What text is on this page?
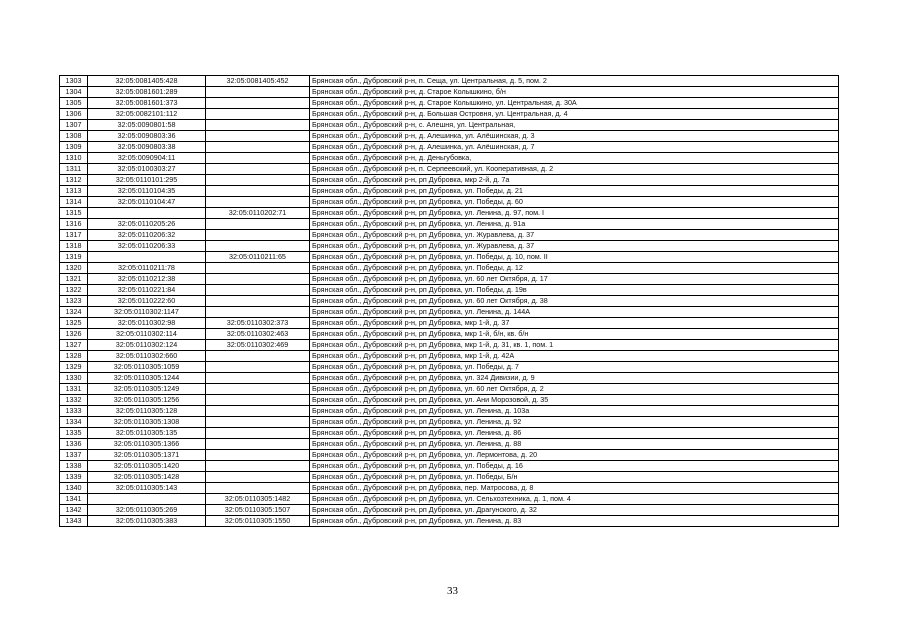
1303	32:05:0081405:428	32:05:0081405:452	Брянская обл., Дубровский р-н, п. Сеща, ул. Центральная, д. 5, пом. 2
1304	32:05:0081601:289		Брянская обл., Дубровский р-н, д. Старое Колышкино, б/н
1305	32:05:0081601:373		Брянская обл., Дубровский р-н, д. Старое Колышкино, ул. Центральная, д. 30А
1306	32:05:0082101:112		Брянская обл., Дубровский р-н, д. Большая Островня, ул. Центральная, д. 4
1307	32:05:0090801:58		Брянская обл., Дубровский р-н, с. Алешня, ул. Центральная,
1308	32:05:0090803:36		Брянская обл., Дубровский р-н, д. Алешинка, ул. Алёшинская, д. 3
1309	32:05:0090803:38		Брянская обл., Дубровский р-н, д. Алешинка, ул. Алёшинская, д. 7
1310	32:05:0090904:11		Брянская обл., Дубровский р-н, д. Деньгубовка,
1311	32:05:0100303:27		Брянская обл., Дубровский р-н, п. Серпеевский, ул. Кооперативная, д. 2
1312	32:05:0110101:295		Брянская обл., Дубровский р-н, рп Дубровка, мкр 2-й, д. 7а
1313	32:05:0110104:35		Брянская обл., Дубровский р-н, рп Дубровка, ул. Победы, д. 21
1314	32:05:0110104:47		Брянская обл., Дубровский р-н, рп Дубровка, ул. Победы, д. 60
1315		32:05:0110202:71	Брянская обл., Дубровский р-н, рп Дубровка, ул. Ленина, д. 97, пом. I
1316	32:05:0110205:26		Брянская обл., Дубровский р-н, рп Дубровка, ул. Ленина, д. 91а
1317	32:05:0110206:32		Брянская обл., Дубровский р-н, рп Дубровка, ул. Журавлева, д. 37
1318	32:05:0110206:33		Брянская обл., Дубровский р-н, рп Дубровка, ул. Журавлева, д. 37
1319		32:05:0110211:65	Брянская обл., Дубровский р-н, рп Дубровка, ул. Победы, д. 10, пом. II
1320	32:05:0110211:78		Брянская обл., Дубровский р-н, рп Дубровка, ул. Победы, д. 12
1321	32:05:0110212:38		Брянская обл., Дубровский р-н, рп Дубровка, ул. 60 лет Октября, д. 17
1322	32:05:0110221:84		Брянская обл., Дубровский р-н, рп Дубровка, ул. Победы, д. 19в
1323	32:05:0110222:60		Брянская обл., Дубровский р-н, рп Дубровка, ул. 60 лет Октября, д. 38
1324	32:05:0110302:1147		Брянская обл., Дубровский р-н, рп Дубровка, ул. Ленина, д. 144А
1325	32:05:0110302:98	32:05:0110302:373	Брянская обл., Дубровский р-н, рп Дубровка, мкр 1-й, д. 37
1326	32:05:0110302:114	32:05:0110302:463	Брянская обл., Дубровский р-н, рп Дубровка, мкр 1-й, б/н, кв. б/н
1327	32:05:0110302:124	32:05:0110302:469	Брянская обл., Дубровский р-н, рп Дубровка, мкр 1-й, д. 31, кв. 1, пом. 1
1328	32:05:0110302:660		Брянская обл., Дубровский р-н, рп Дубровка, мкр 1-й, д. 42А
1329	32:05:0110305:1059		Брянская обл., Дубровский р-н, рп Дубровка, ул. Победы, д. 7
1330	32:05:0110305:1244		Брянская обл., Дубровский р-н, рп Дубровка, ул. 324 Дивизии, д. 9
1331	32:05:0110305:1249		Брянская обл., Дубровский р-н, рп Дубровка, ул. 60 лет Октября, д. 2
1332	32:05:0110305:1256		Брянская обл., Дубровский р-н, рп Дубровка, ул. Ани Морозовой, д. 35
1333	32:05:0110305:128		Брянская обл., Дубровский р-н, рп Дубровка, ул. Ленина, д. 103а
1334	32:05:0110305:1308		Брянская обл., Дубровский р-н, рп Дубровка, ул. Ленина, д. 92
1335	32:05:0110305:135		Брянская обл., Дубровский р-н, рп Дубровка, ул. Ленина, д. 86
1336	32:05:0110305:1366		Брянская обл., Дубровский р-н, рп Дубровка, ул. Ленина, д. 88
1337	32:05:0110305:1371		Брянская обл., Дубровский р-н, рп Дубровка, ул. Лермонтова, д. 20
1338	32:05:0110305:1420		Брянская обл., Дубровский р-н, рп Дубровка, ул. Победы, д. 16
1339	32:05:0110305:1428		Брянская обл., Дубровский р-н, рп Дубровка, ул. Победы, Б/н
1340	32:05:0110305:143		Брянская обл., Дубровский р-н, рп Дубровка, пер. Матросова, д. 8
1341		32:05:0110305:1482	Брянская обл., Дубровский р-н, рп Дубровка, ул. Сельхозтехника, д. 1, пом. 4
1342	32:05:0110305:269	32:05:0110305:1507	Брянская обл., Дубровский р-н, рп Дубровка, ул. Драгунского, д. 32
1343	32:05:0110305:383	32:05:0110305:1550	Брянская обл., Дубровский р-н, рп Дубровка, ул. Ленина, д. 83
33
